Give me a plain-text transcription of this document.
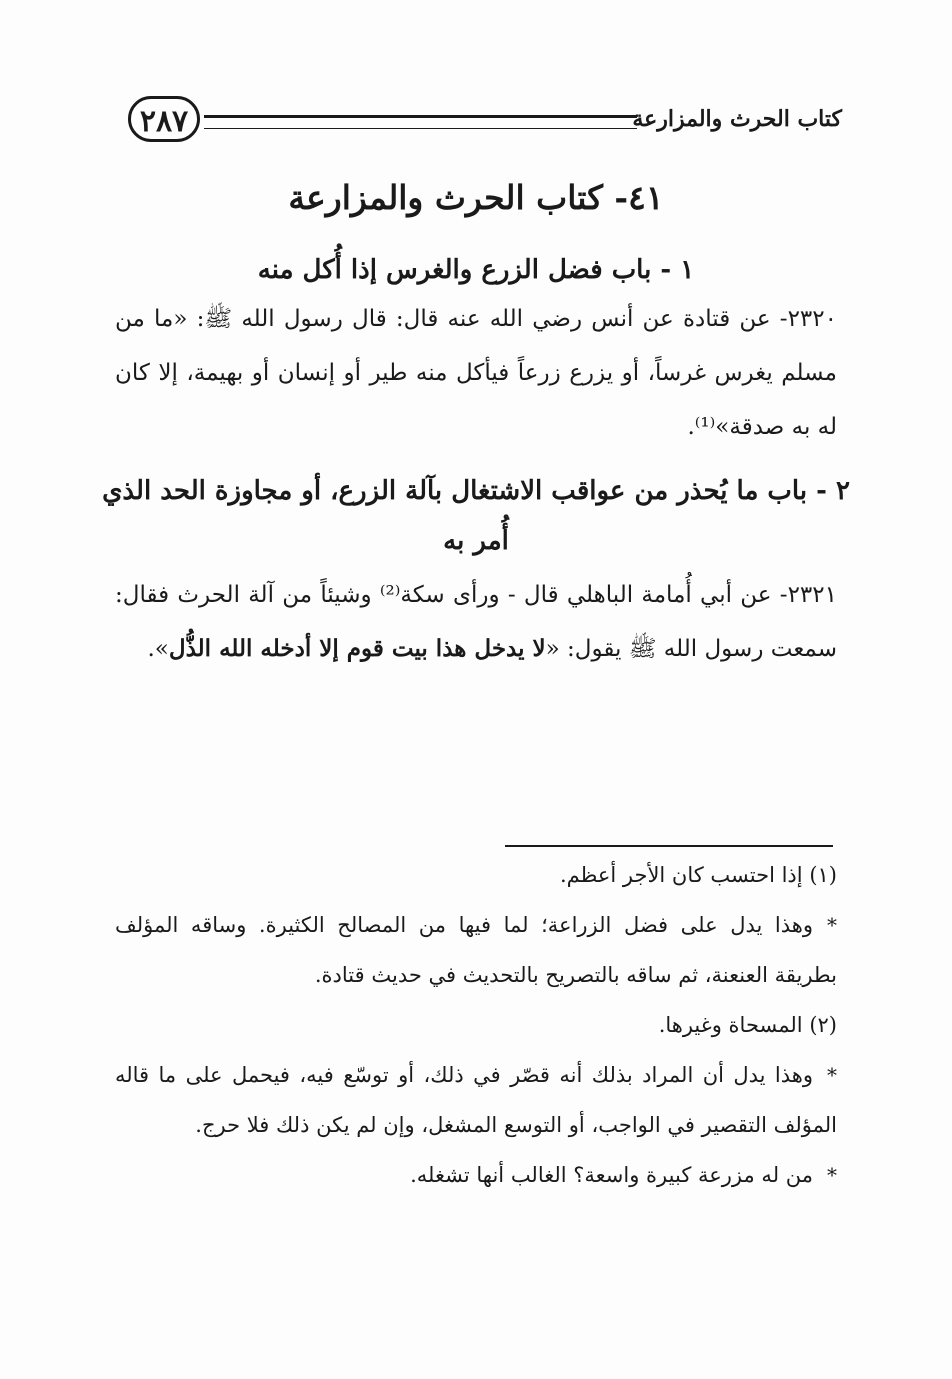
كتاب الحرث والمزارعة
٢٨٧
٤١- كتاب الحرث والمزارعة
١ - باب فضل الزرع والغرس إذا أُكل منه
٢٣٢٠- عن قتادة عن أنس رضي الله عنه قال: قال رسول الله ﷺ: «ما من مسلم يغرس غرساً، أو يزرع زرعاً فيأكل منه طير أو إنسان أو بهيمة، إلا كان له به صدقة»⁽¹⁾.
٢ - باب ما يُحذر من عواقب الاشتغال بآلة الزرع، أو مجاوزة الحد الذي أُمر به
٢٣٢١- عن أبي أُمامة الباهلي قال - ورأى سكة⁽²⁾ وشيئاً من آلة الحرث فقال: سمعت رسول الله ﷺ يقول: «لا يدخل هذا بيت قوم إلا أدخله الله الذُّل».
(١) إذا احتسب كان الأجر أعظم.
*وهذا يدل على فضل الزراعة؛ لما فيها من المصالح الكثيرة. وساقه المؤلف بطريقة العنعنة، ثم ساقه بالتصريح بالتحديث في حديث قتادة.
(٢) المسحاة وغيرها.
*وهذا يدل أن المراد بذلك أنه قصّر في ذلك، أو توسّع فيه، فيحمل على ما قاله المؤلف التقصير في الواجب، أو التوسع المشغل، وإن لم يكن ذلك فلا حرج.
*من له مزرعة كبيرة واسعة؟ الغالب أنها تشغله.
